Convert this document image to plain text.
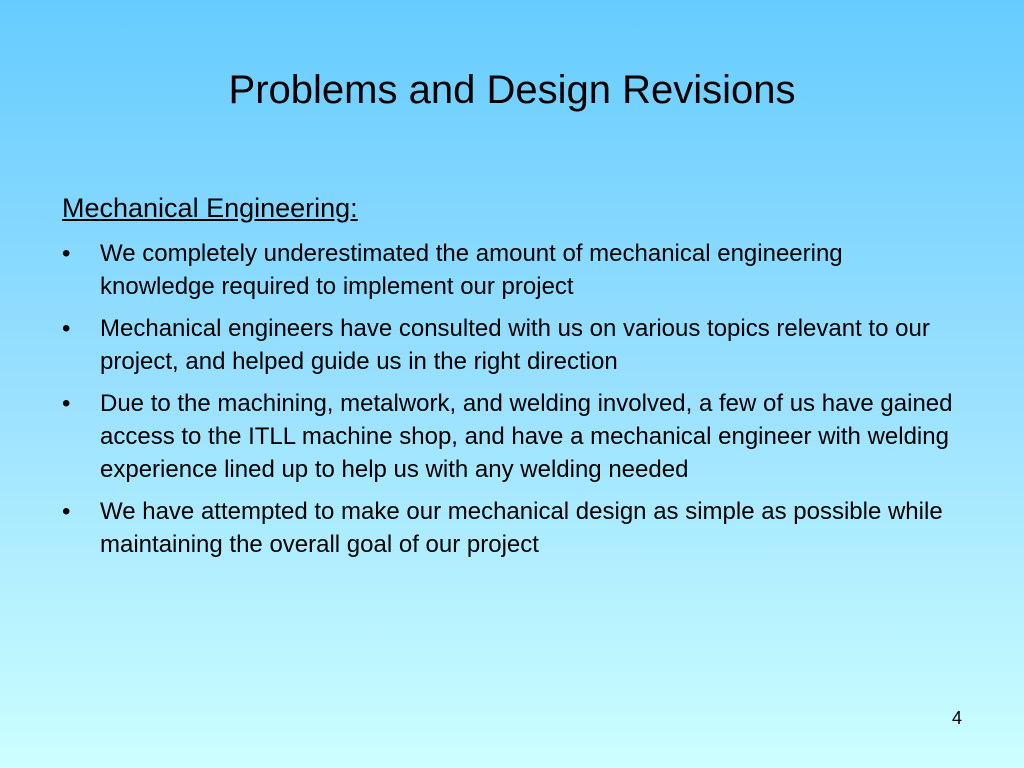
Problems and Design Revisions
Mechanical Engineering:
•	We completely underestimated the amount of mechanical engineering knowledge required to implement our project
•	Mechanical engineers have consulted with us on various topics relevant to our project, and helped guide us in the right direction
•	Due to the machining, metalwork, and welding involved, a few of us have gained access to the ITLL machine shop, and have a mechanical engineer with welding experience lined up to help us with any welding needed
•	We have attempted to make our mechanical design as simple as possible while maintaining the overall goal of our project
4
